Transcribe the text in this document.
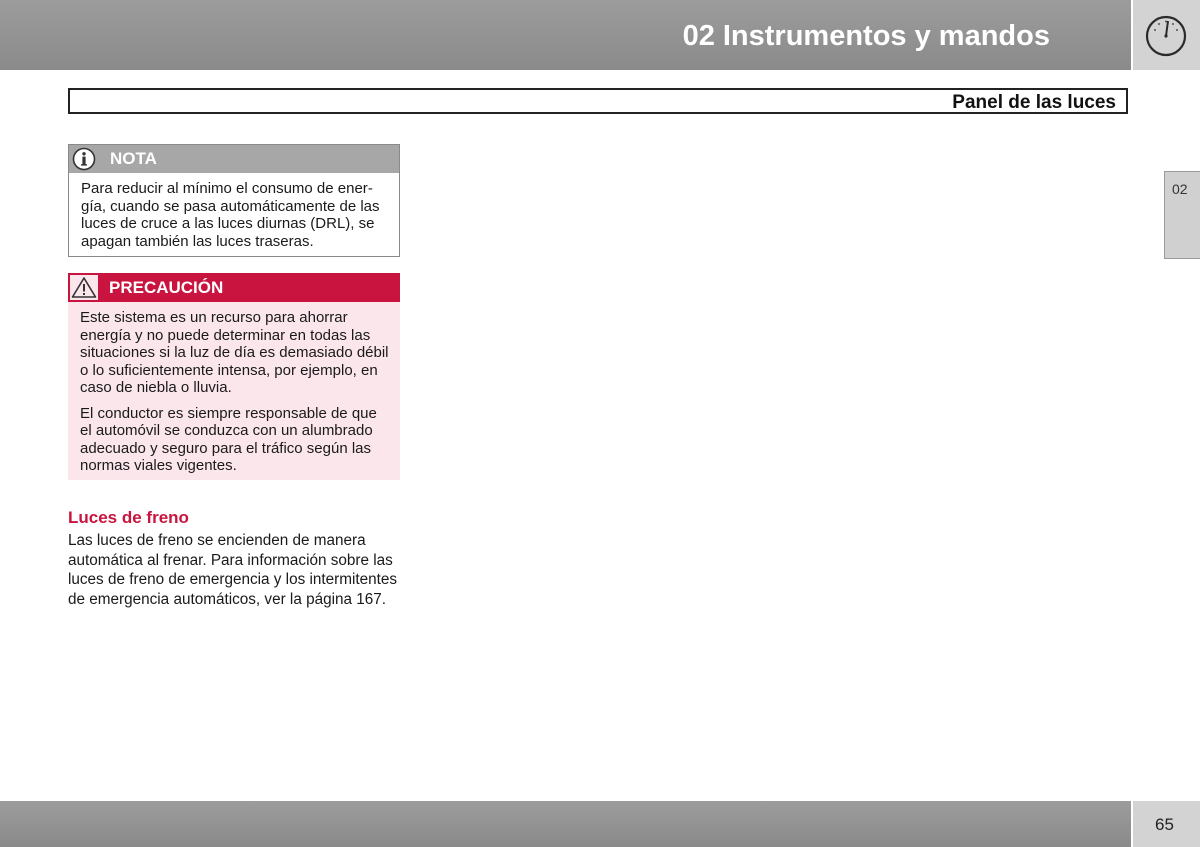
02 Instrumentos y mandos
Panel de las luces
02
NOTA

Para reducir al mínimo el consumo de energía, cuando se pasa automáticamente de las luces de cruce a las luces diurnas (DRL), se apagan también las luces traseras.

PRECAUCIÓN

Este sistema es un recurso para ahorrar energía y no puede determinar en todas las situaciones si la luz de día es demasiado débil o lo suficientemente intensa, por ejemplo, en caso de niebla o lluvia.

El conductor es siempre responsable de que el automóvil se conduzca con un alumbrado adecuado y seguro para el tráfico según las normas viales vigentes.

Luces de freno
Las luces de freno se encienden de manera automática al frenar. Para información sobre las luces de freno de emergencia y los intermitentes de emergencia automáticos, ver la página 167.
65
